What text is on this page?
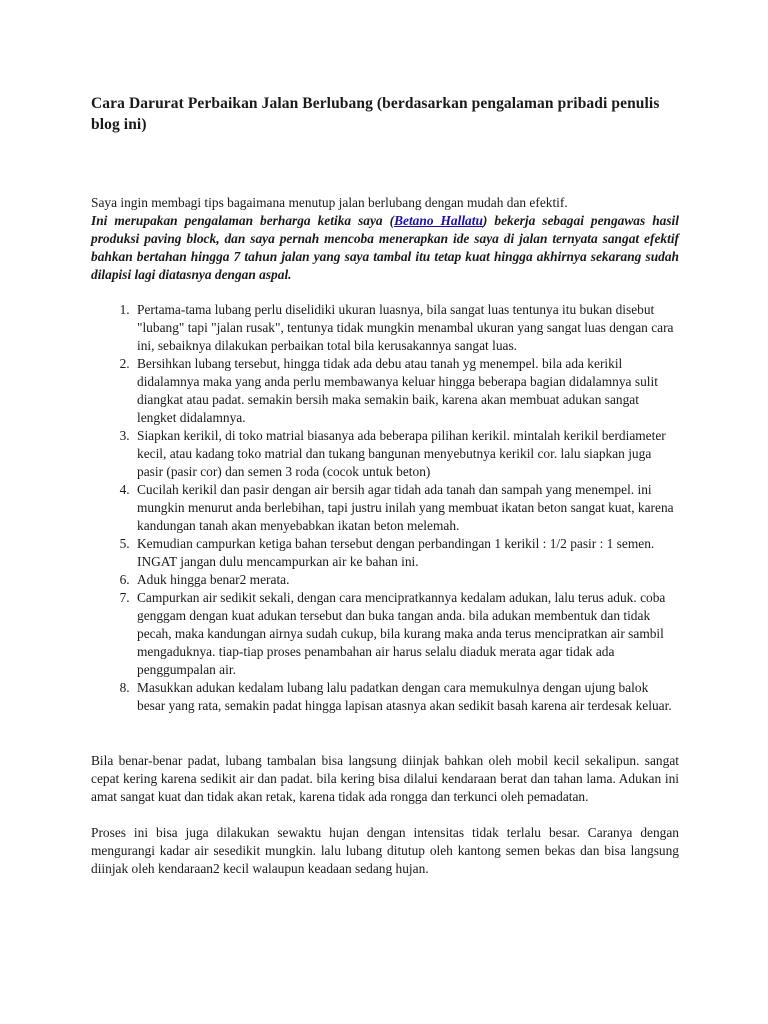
Cara Darurat Perbaikan Jalan Berlubang (berdasarkan pengalaman pribadi penulis blog ini)

Saya ingin membagi tips bagaimana menutup jalan berlubang dengan mudah dan efektif.

Ini merupakan pengalaman berharga ketika saya (Betano Hallatu) bekerja sebagai pengawas hasil produksi paving block, dan saya pernah mencoba menerapkan ide saya di jalan ternyata sangat efektif bahkan bertahan hingga 7 tahun jalan yang saya tambal itu tetap kuat hingga akhirnya sekarang sudah dilapisi lagi diatasnya dengan aspal.

1. Pertama-tama lubang perlu diselidiki ukuran luasnya, bila sangat luas tentunya itu bukan disebut "lubang" tapi "jalan rusak", tentunya tidak mungkin menambal ukuran yang sangat luas dengan cara ini, sebaiknya dilakukan perbaikan total bila kerusakannya sangat luas.
2. Bersihkan lubang tersebut, hingga tidak ada debu atau tanah yg menempel. bila ada kerikil didalamnya maka yang anda perlu membawanya keluar hingga beberapa bagian didalamnya sulit diangkat atau padat. semakin bersih maka semakin baik, karena akan membuat adukan sangat lengket didalamnya.
3. Siapkan kerikil, di toko matrial biasanya ada beberapa pilihan kerikil. mintalah kerikil berdiameter kecil, atau kadang toko matrial dan tukang bangunan menyebutnya kerikil cor. lalu siapkan juga pasir (pasir cor) dan semen 3 roda (cocok untuk beton)
4. Cucilah kerikil dan pasir dengan air bersih agar tidah ada tanah dan sampah yang menempel. ini mungkin menurut anda berlebihan, tapi justru inilah yang membuat ikatan beton sangat kuat, karena kandungan tanah akan menyebabkan ikatan beton melemah.
5. Kemudian campurkan ketiga bahan tersebut dengan perbandingan 1 kerikil : 1/2 pasir : 1 semen. INGAT jangan dulu mencampurkan air ke bahan ini.
6. Aduk hingga benar2 merata.
7. Campurkan air sedikit sekali, dengan cara mencipratkannya kedalam adukan, lalu terus aduk. coba genggam dengan kuat adukan tersebut dan buka tangan anda. bila adukan membentuk dan tidak pecah, maka kandungan airnya sudah cukup, bila kurang maka anda terus mencipratkan air sambil mengaduknya. tiap-tiap proses penambahan air harus selalu diaduk merata agar tidak ada penggumpalan air.
8. Masukkan adukan kedalam lubang lalu padatkan dengan cara memukulnya dengan ujung balok besar yang rata, semakin padat hingga lapisan atasnya akan sedikit basah karena air terdesak keluar.

Bila benar-benar padat, lubang tambalan bisa langsung diinjak bahkan oleh mobil kecil sekalipun. sangat cepat kering karena sedikit air dan padat. bila kering bisa dilalui kendaraan berat dan tahan lama. Adukan ini amat sangat kuat dan tidak akan retak, karena tidak ada rongga dan terkunci oleh pemadatan.

Proses ini bisa juga dilakukan sewaktu hujan dengan intensitas tidak terlalu besar. Caranya dengan mengurangi kadar air sesedikit mungkin. lalu lubang ditutup oleh kantong semen bekas dan bisa langsung diinjak oleh kendaraan2 kecil walaupun keadaan sedang hujan.
